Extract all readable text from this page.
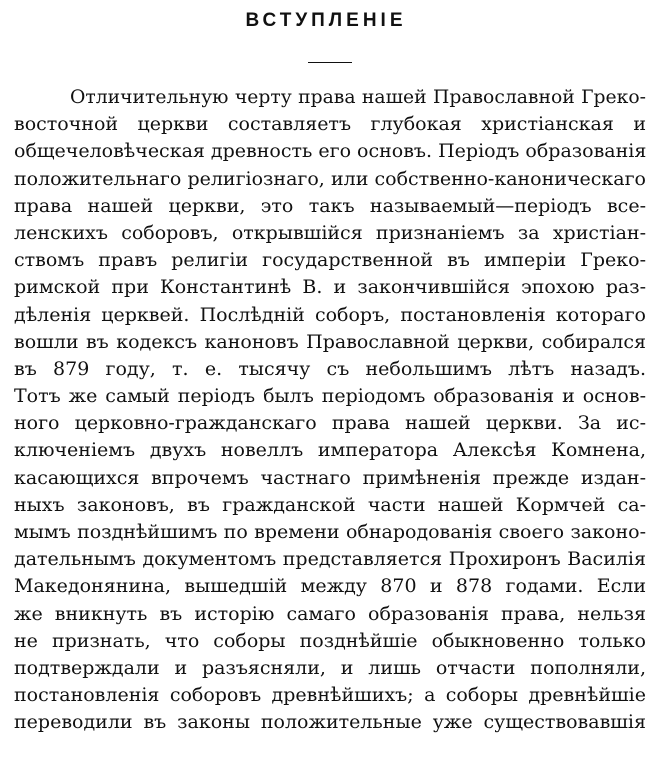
ВСТУПЛЕНІЕ
Отличительную черту права нашей Православной Греко-
восточной церкви составляетъ глубокая христіанская и
общечеловѣческая древность его основъ. Періодъ образованія
положительнаго религіознаго, или собственно-каноническаго
права нашей церкви, это такъ называемый—періодъ все-
ленскихъ соборовъ, открывшійся признаніемъ за христіан-
ствомъ правъ религіи государственной въ имперіи Греко-
римской при Константинѣ В. и закончившійся эпохою раз-
дѣленія церквей. Послѣдній соборъ, постановленія котораго
вошли въ кодексъ каноновъ Православной церкви, собирался
въ 879 году, т. е. тысячу съ небольшимъ лѣтъ назадъ.
Тотъ же самый періодъ былъ періодомъ образованія и основ-
ного церковно-гражданскаго права нашей церкви. За ис-
ключеніемъ двухъ новеллъ императора Алексѣя Комнена,
касающихся впрочемъ частнаго примѣненія прежде издан-
ныхъ законовъ, въ гражданской части нашей Кормчей са-
мымъ позднѣйшимъ по времени обнародованія своего законо-
дательнымъ документомъ представляется Прохиронъ Василія
Македонянина, вышедшій между 870 и 878 годами. Если
же вникнуть въ исторію самаго образованія права, нельзя
не признать, что соборы позднѣйшіе обыкновенно только
подтверждали и разъясняли, и лишь отчасти пополняли,
постановленія соборовъ древнѣйшихъ; а соборы древнѣйшіе
переводили въ законы положительные уже существовавшія
